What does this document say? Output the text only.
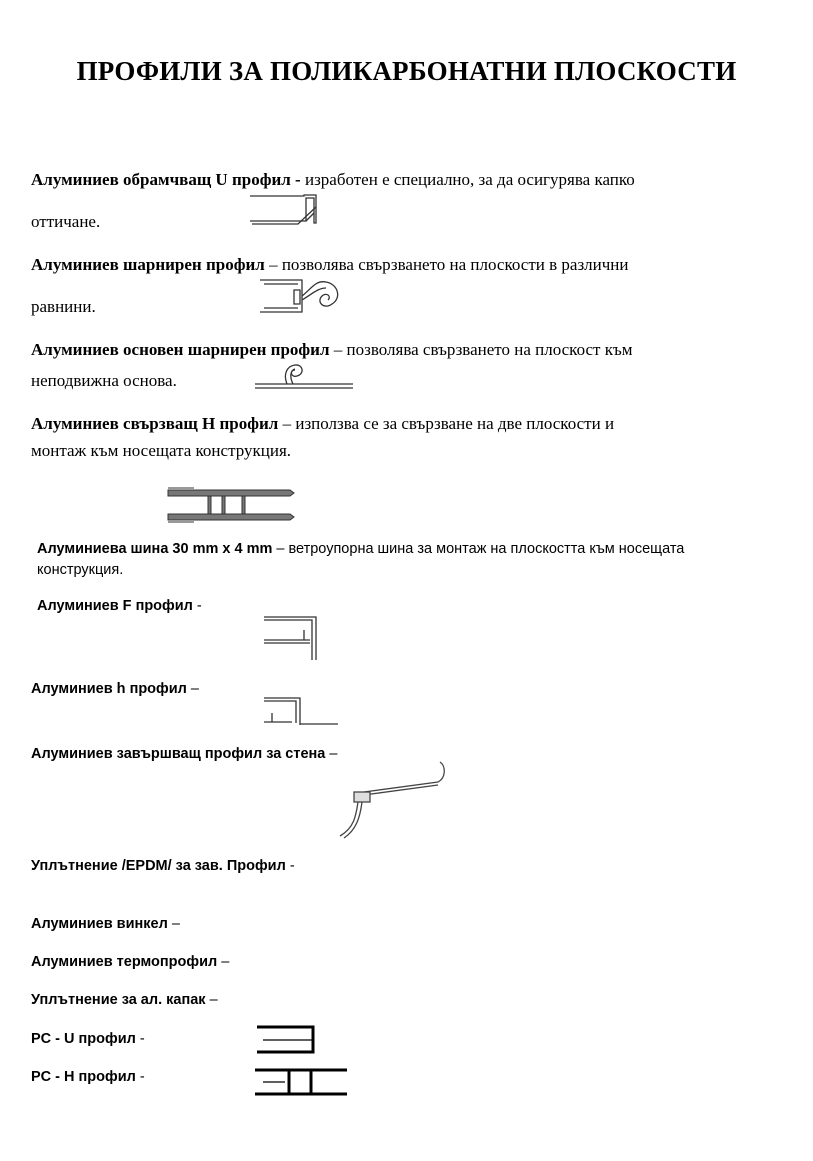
ПРОФИЛИ ЗА ПОЛИКАРБОНАТНИ ПЛОСКОСТИ
Алуминиев обрамчващ U профил - изработен е специално, за да осигурява капко
оттичане.
Алуминиев шарнирен профил – позволява свързването на плоскости в различни
равнини.
Алуминиев основен шарнирен профил – позволява свързването на плоскост към
неподвижна основа.
Алуминиев свързващ Н профил – използва се за свързване на две плоскости и
монтаж към носещата конструкция.
Алуминиева шина 30 mm x 4 mm – ветроупорна шина за монтаж на плоскостта към носещата
конструкция.
Алуминиев F профил -
Алуминиев h профил –
Алуминиев завършващ профил за стена –
Уплътнение /EPDM/ за зав. Профил -
Алуминиев винкел –
Алуминиев термопрофил –
Уплътнение за ал. капак –
PC - U профил -
PC - H профил -
